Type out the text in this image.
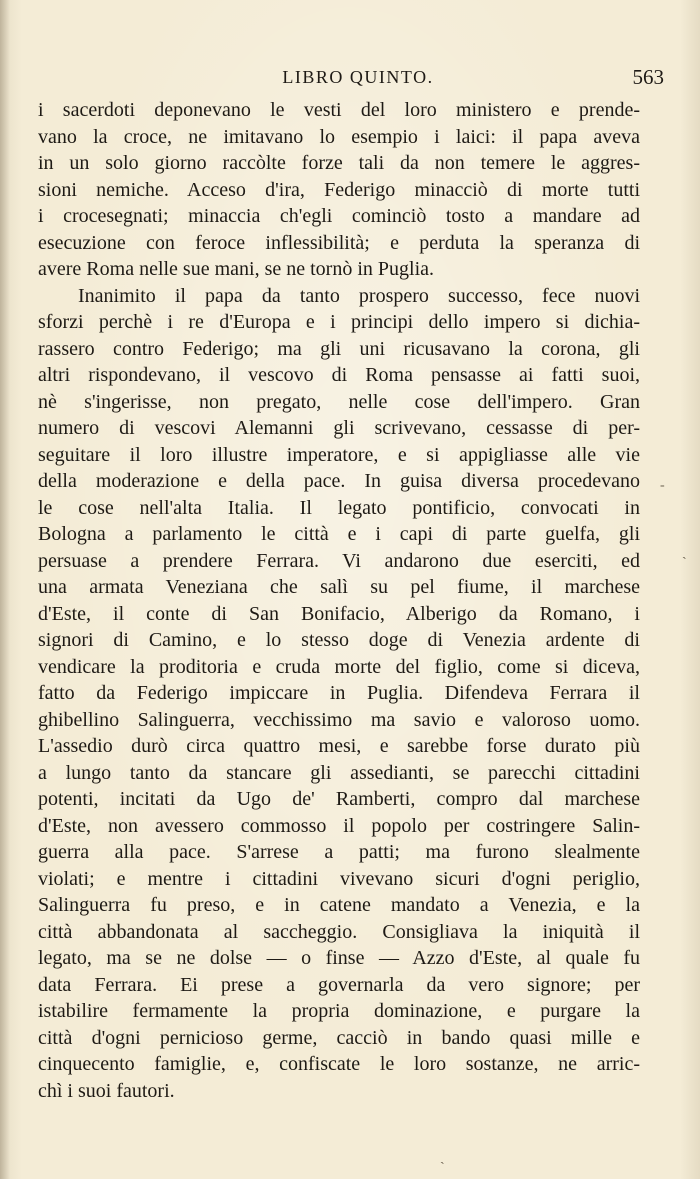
LIBRO QUINTO.	563
i sacerdoti deponevano le vesti del loro ministero e prende-
vano la croce, ne imitavano lo esempio i laici: il papa aveva
in un solo giorno raccòlte forze tali da non temere le aggres-
sioni nemiche. Acceso d'ira, Federigo minacciò di morte tutti
i crocesegnati; minaccia ch'egli cominciò tosto a mandare ad
esecuzione con feroce inflessibilità; e perduta la speranza di
avere Roma nelle sue mani, se ne tornò in Puglia.
Inanimito il papa da tanto prospero successo, fece nuovi
sforzi perchè i re d'Europa e i principi dello impero si dichia-
rassero contro Federigo; ma gli uni ricusavano la corona, gli
altri rispondevano, il vescovo di Roma pensasse ai fatti suoi,
nè s'ingerisse, non pregato, nelle cose dell'impero. Gran
numero di vescovi Alemanni gli scrivevano, cessasse di per-
seguitare il loro illustre imperatore, e si appigliasse alle vie
della moderazione e della pace. In guisa diversa procedevano
le cose nell'alta Italia. Il legato pontificio, convocati in
Bologna a parlamento le città e i capi di parte guelfa, gli
persuase a prendere Ferrara. Vi andarono due eserciti, ed
una armata Veneziana che salì su pel fiume, il marchese
d'Este, il conte di San Bonifacio, Alberigo da Romano, i
signori di Camino, e lo stesso doge di Venezia ardente di
vendicare la proditoria e cruda morte del figlio, come si diceva,
fatto da Federigo impiccare in Puglia. Difendeva Ferrara il
ghibellino Salinguerra, vecchissimo ma savio e valoroso uomo.
L'assedio durò circa quattro mesi, e sarebbe forse durato più
a lungo tanto da stancare gli assedianti, se parecchi cittadini
potenti, incitati da Ugo de' Ramberti, compro dal marchese
d'Este, non avessero commosso il popolo per costringere Salin-
guerra alla pace. S'arrese a patti; ma furono slealmente
violati; e mentre i cittadini vivevano sicuri d'ogni periglio,
Salinguerra fu preso, e in catene mandato a Venezia, e la
città abbandonata al saccheggio. Consigliava la iniquità il
legato, ma se ne dolse — o finse — Azzo d'Este, al quale fu
data Ferrara. Ei prese a governarla da vero signore; per
istabilire fermamente la propria dominazione, e purgare la
città d'ogni pernicioso germe, cacciò in bando quasi mille e
cinquecento famiglie, e, confiscate le loro sostanze, ne arric-
chì i suoi fautori.
-
ˎ
ˏ
